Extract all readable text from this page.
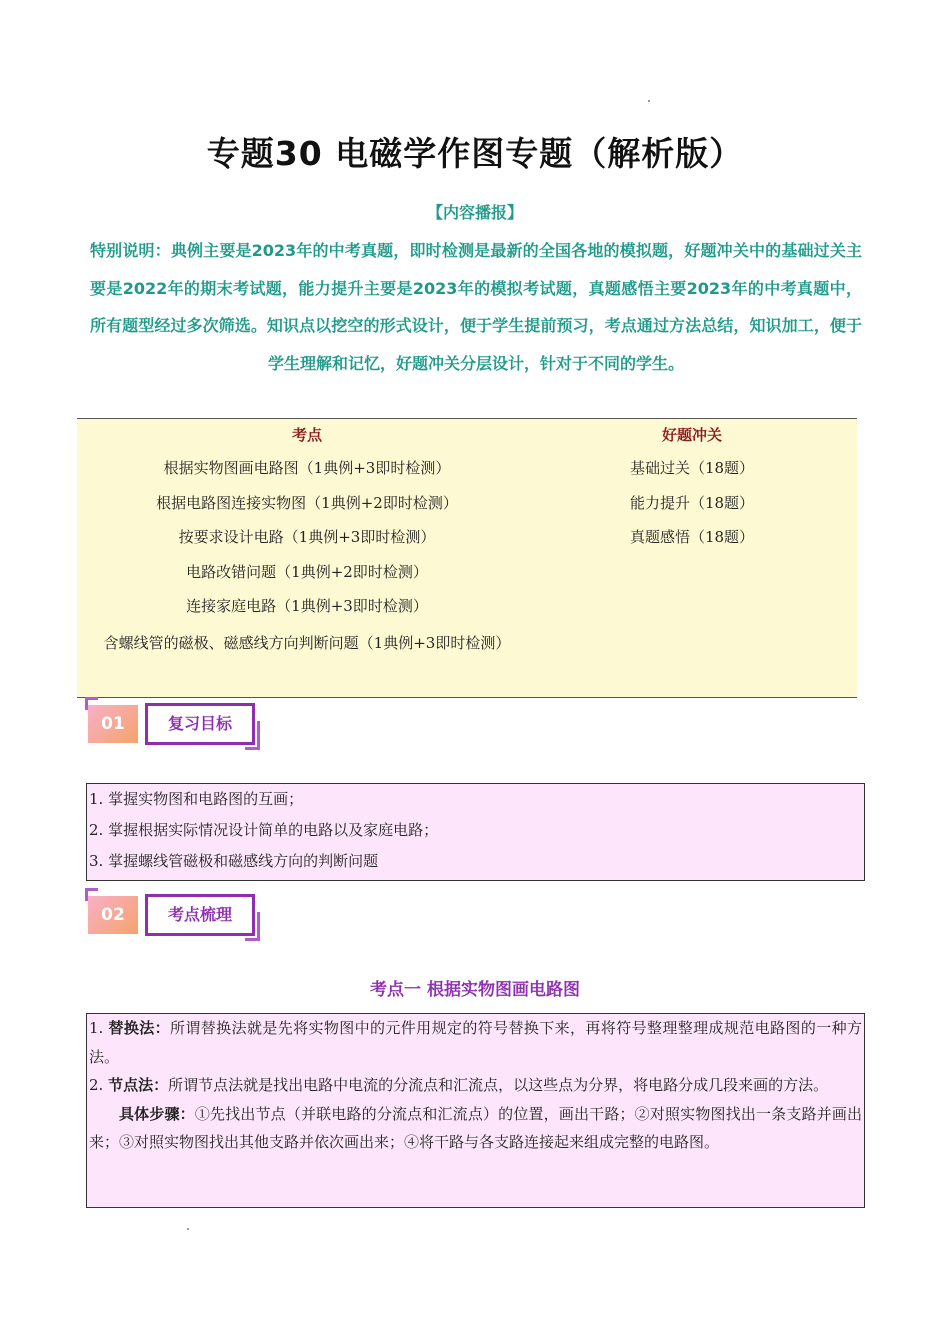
专题30 电磁学作图专题（解析版）
【内容播报】
特别说明：典例主要是2023年的中考真题，即时检测是最新的全国各地的模拟题，好题冲关中的基础过关主要是2022年的期末考试题，能力提升主要是2023年的模拟考试题，真题感悟主要2023年的中考真题中，所有题型经过多次筛选。知识点以挖空的形式设计，便于学生提前预习，考点通过方法总结，知识加工，便于学生理解和记忆，好题冲关分层设计，针对于不同的学生。
考点
根据实物图画电路图（1典例+3即时检测）
根据电路图连接实物图（1典例+2即时检测）
按要求设计电路（1典例+3即时检测）
电路改错问题（1典例+2即时检测）
连接家庭电路（1典例+3即时检测）
含螺线管的磁极、磁感线方向判断问题（1典例+3即时检测）
好题冲关
基础过关（18题）
能力提升（18题）
真题感悟（18题）
01	复习目标
1. 掌握实物图和电路图的互画；
2. 掌握根据实际情况设计简单的电路以及家庭电路；
3. 掌握螺线管磁极和磁感线方向的判断问题
02	考点梳理
考点一 根据实物图画电路图

1. 替换法：所谓替换法就是先将实物图中的元件用规定的符号替换下来，再将符号整理整理成规范电路图的一种方法。

2. 节点法：所谓节点法就是找出电路中电流的分流点和汇流点，以这些点为分界，将电路分成几段来画的方法。

具体步骤：①先找出节点（并联电路的分流点和汇流点）的位置，画出干路；②对照实物图找出一条支路并画出来；③对照实物图找出其他支路并依次画出来；④将干路与各支路连接起来组成完整的电路图。
